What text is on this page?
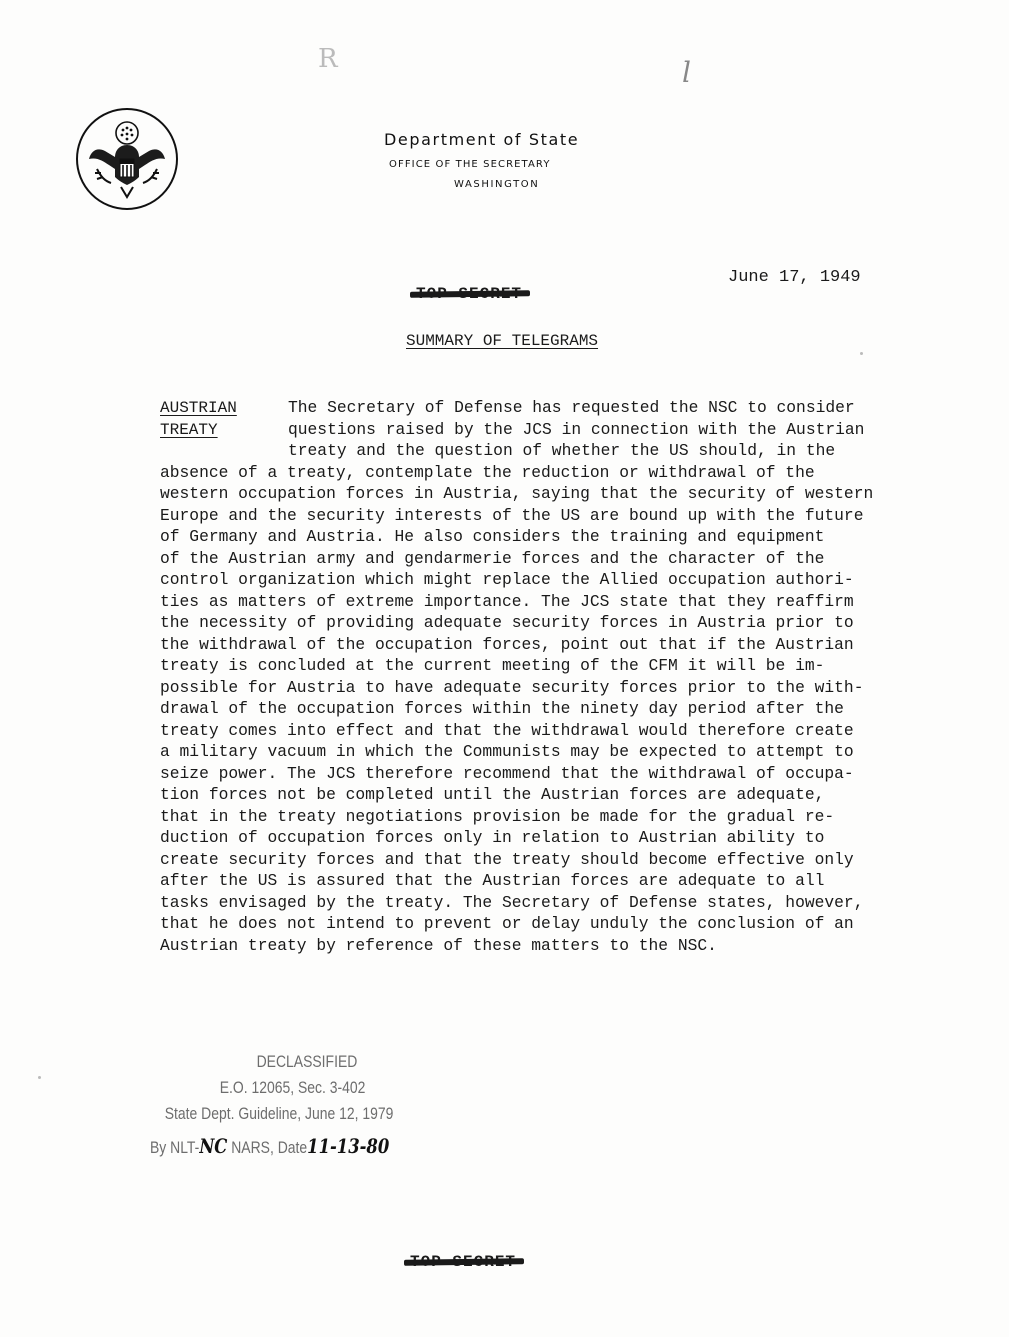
R	l
Department of State
OFFICE OF THE SECRETARY
WASHINGTON
June 17, 1949
SUMMARY OF TELEGRAMS
AUSTRIAN
TREATY
The Secretary of Defense has requested the NSC to consider
questions raised by the JCS in connection with the Austrian
treaty and the question of whether the US should, in the
absence of a treaty, contemplate the reduction or withdrawal of the
western occupation forces in Austria, saying that the security of western
Europe and the security interests of the US are bound up with the future
of Germany and Austria. He also considers the training and equipment
of the Austrian army and gendarmerie forces and the character of the
control organization which might replace the Allied occupation authori-
ties as matters of extreme importance. The JCS state that they reaffirm
the necessity of providing adequate security forces in Austria prior to
the withdrawal of the occupation forces, point out that if the Austrian
treaty is concluded at the current meeting of the CFM it will be im-
possible for Austria to have adequate security forces prior to the with-
drawal of the occupation forces within the ninety day period after the
treaty comes into effect and that the withdrawal would therefore create
a military vacuum in which the Communists may be expected to attempt to
seize power. The JCS therefore recommend that the withdrawal of occupa-
tion forces not be completed until the Austrian forces are adequate,
that in the treaty negotiations provision be made for the gradual re-
duction of occupation forces only in relation to Austrian ability to
create security forces and that the treaty should become effective only
after the US is assured that the Austrian forces are adequate to all
tasks envisaged by the treaty. The Secretary of Defense states, however,
that he does not intend to prevent or delay unduly the conclusion of an
Austrian treaty by reference of these matters to the NSC.
DECLASSIFIED
E.O. 12065, Sec. 3-402
State Dept. Guideline, June 12, 1979
By NLT-NC NARS, Date11-13-80
